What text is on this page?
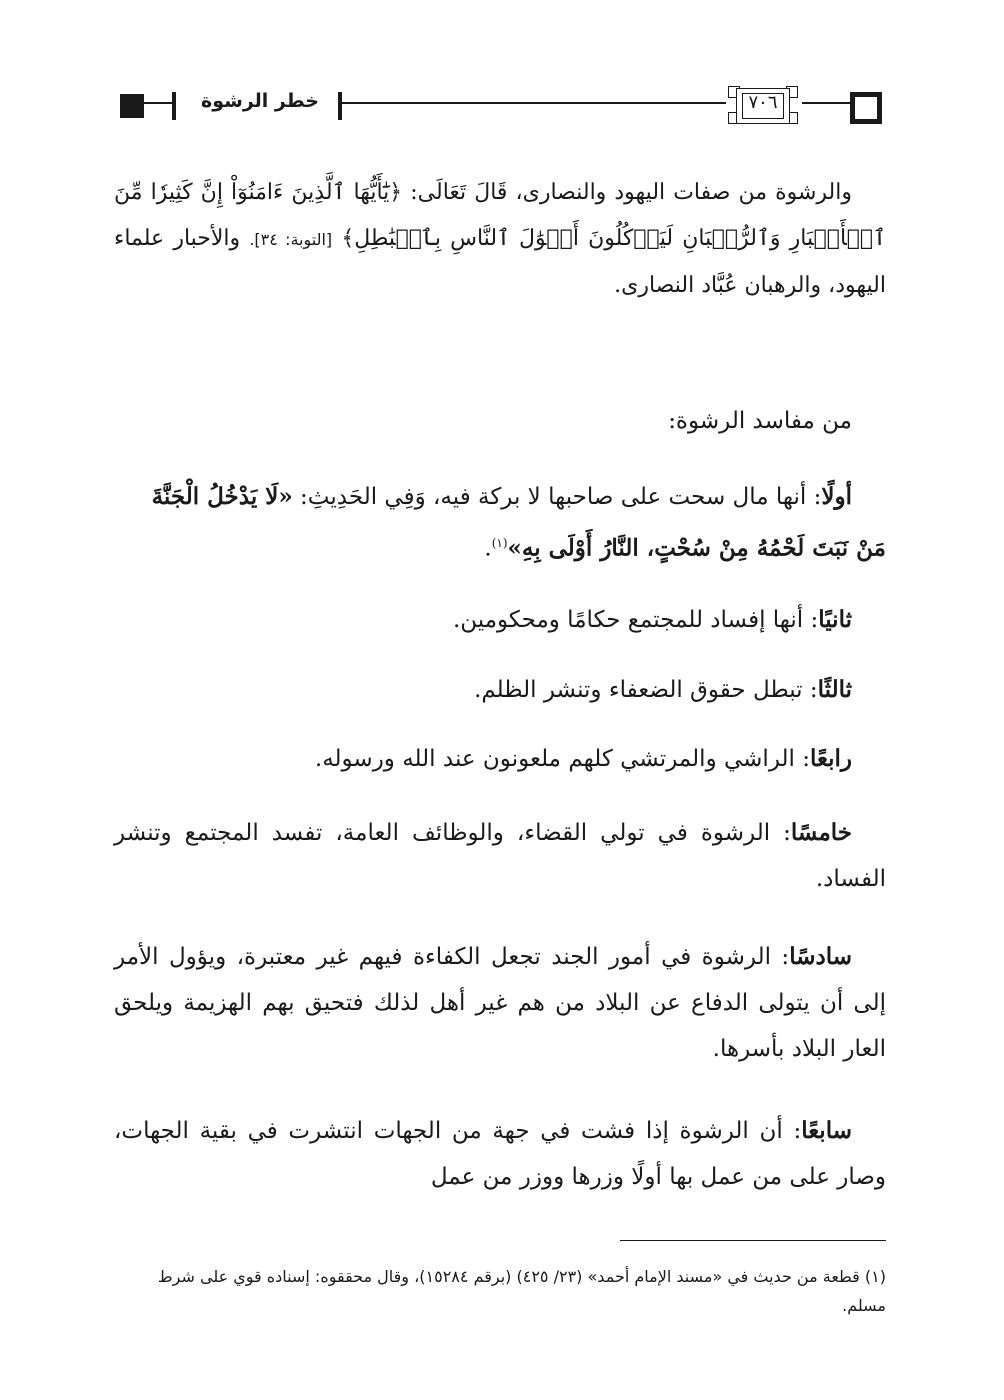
خطر الرشوة	٧٠٦
والرشوة من صفات اليهود والنصارى، قَالَ تَعَالَى: ﴿يَٰٓأَيُّهَا ٱلَّذِينَ ءَامَنُوٓاْ إِنَّ كَثِيرٗا مِّنَ ٱلۡأَحۡبَارِ وَٱلرُّهۡبَانِ لَيَأۡكُلُونَ أَمۡوَٰلَ ٱلنَّاسِ بِٱلۡبَٰطِلِ﴾ [التوبة: ٣٤]. والأحبار علماء اليهود، والرهبان عُبَّاد النصارى.
من مفاسد الرشوة:
أولًا: أنها مال سحت على صاحبها لا بركة فيه، وَفِي الحَدِيثِ: «لَا يَدْخُلُ الْجَنَّةَ مَنْ نَبَتَ لَحْمُهُ مِنْ سُحْتٍ، النَّارُ أَوْلَى بِهِ»$^{(١)}$.
ثانيًا: أنها إفساد للمجتمع حكامًا ومحكومين.
ثالثًا: تبطل حقوق الضعفاء وتنشر الظلم.
رابعًا: الراشي والمرتشي كلهم ملعونون عند الله ورسوله.
خامسًا: الرشوة في تولي القضاء، والوظائف العامة، تفسد المجتمع وتنشر الفساد.
سادسًا: الرشوة في أمور الجند تجعل الكفاءة فيهم غير معتبرة، ويؤول الأمر إلى أن يتولى الدفاع عن البلاد من هم غير أهل لذلك فتحيق بهم الهزيمة ويلحق العار البلاد بأسرها.
سابعًا: أن الرشوة إذا فشت في جهة من الجهات انتشرت في بقية الجهات، وصار على من عمل بها أولًا وزرها ووزر من عمل
(١) قطعة من حديث في «مسند الإمام أحمد» (٢٣/ ٤٢٥) (برقم ١٥٢٨٤)، وقال محققوه: إسناده قوي على شرط مسلم.
